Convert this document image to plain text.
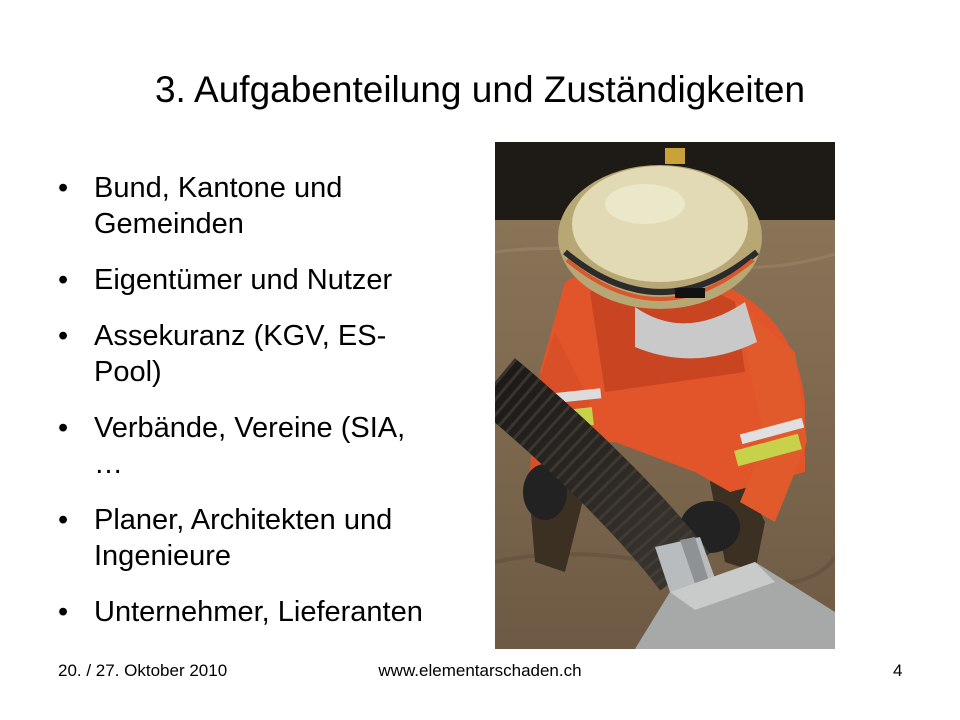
3. Aufgabenteilung und Zuständigkeiten
• Bund, Kantone und Gemeinden
• Eigentümer und Nutzer
• Assekuranz (KGV, ES-Pool)
• Verbände, Vereine (SIA, …
• Planer, Architekten und Ingenieure
• Unternehmer, Lieferanten
20. / 27. Oktober 2010	www.elementarschaden.ch	4
